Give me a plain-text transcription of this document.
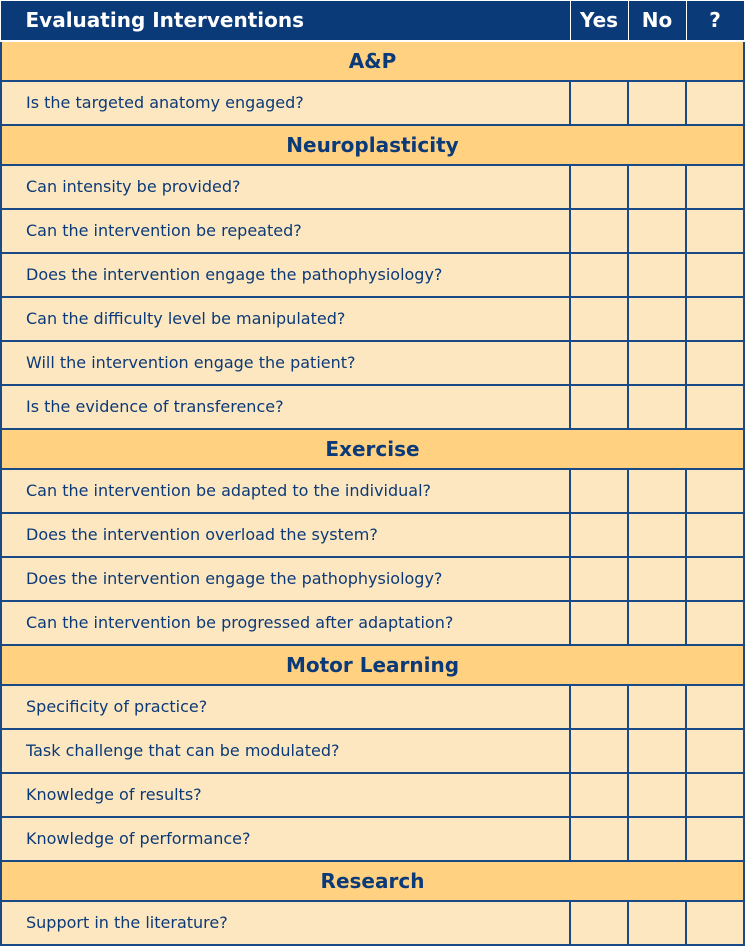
Evaluating Interventions	Yes	No	?
A&P			
Is the targeted anatomy engaged?			
Neuroplasticity			
Can intensity be provided?			
Can the intervention be repeated?			
Does the intervention engage the pathophysiology?			
Can the difficulty level be manipulated?			
Will the intervention engage the patient?			
Is the evidence of transference?			
Exercise			
Can the intervention be adapted to the individual?			
Does the intervention overload the system?			
Does the intervention engage the pathophysiology?			
Can the intervention be progressed after adaptation?			
Motor Learning			
Specificity of practice?			
Task challenge that can be modulated?			
Knowledge of results?			
Knowledge of performance?			
Research			
Support in the literature?			
